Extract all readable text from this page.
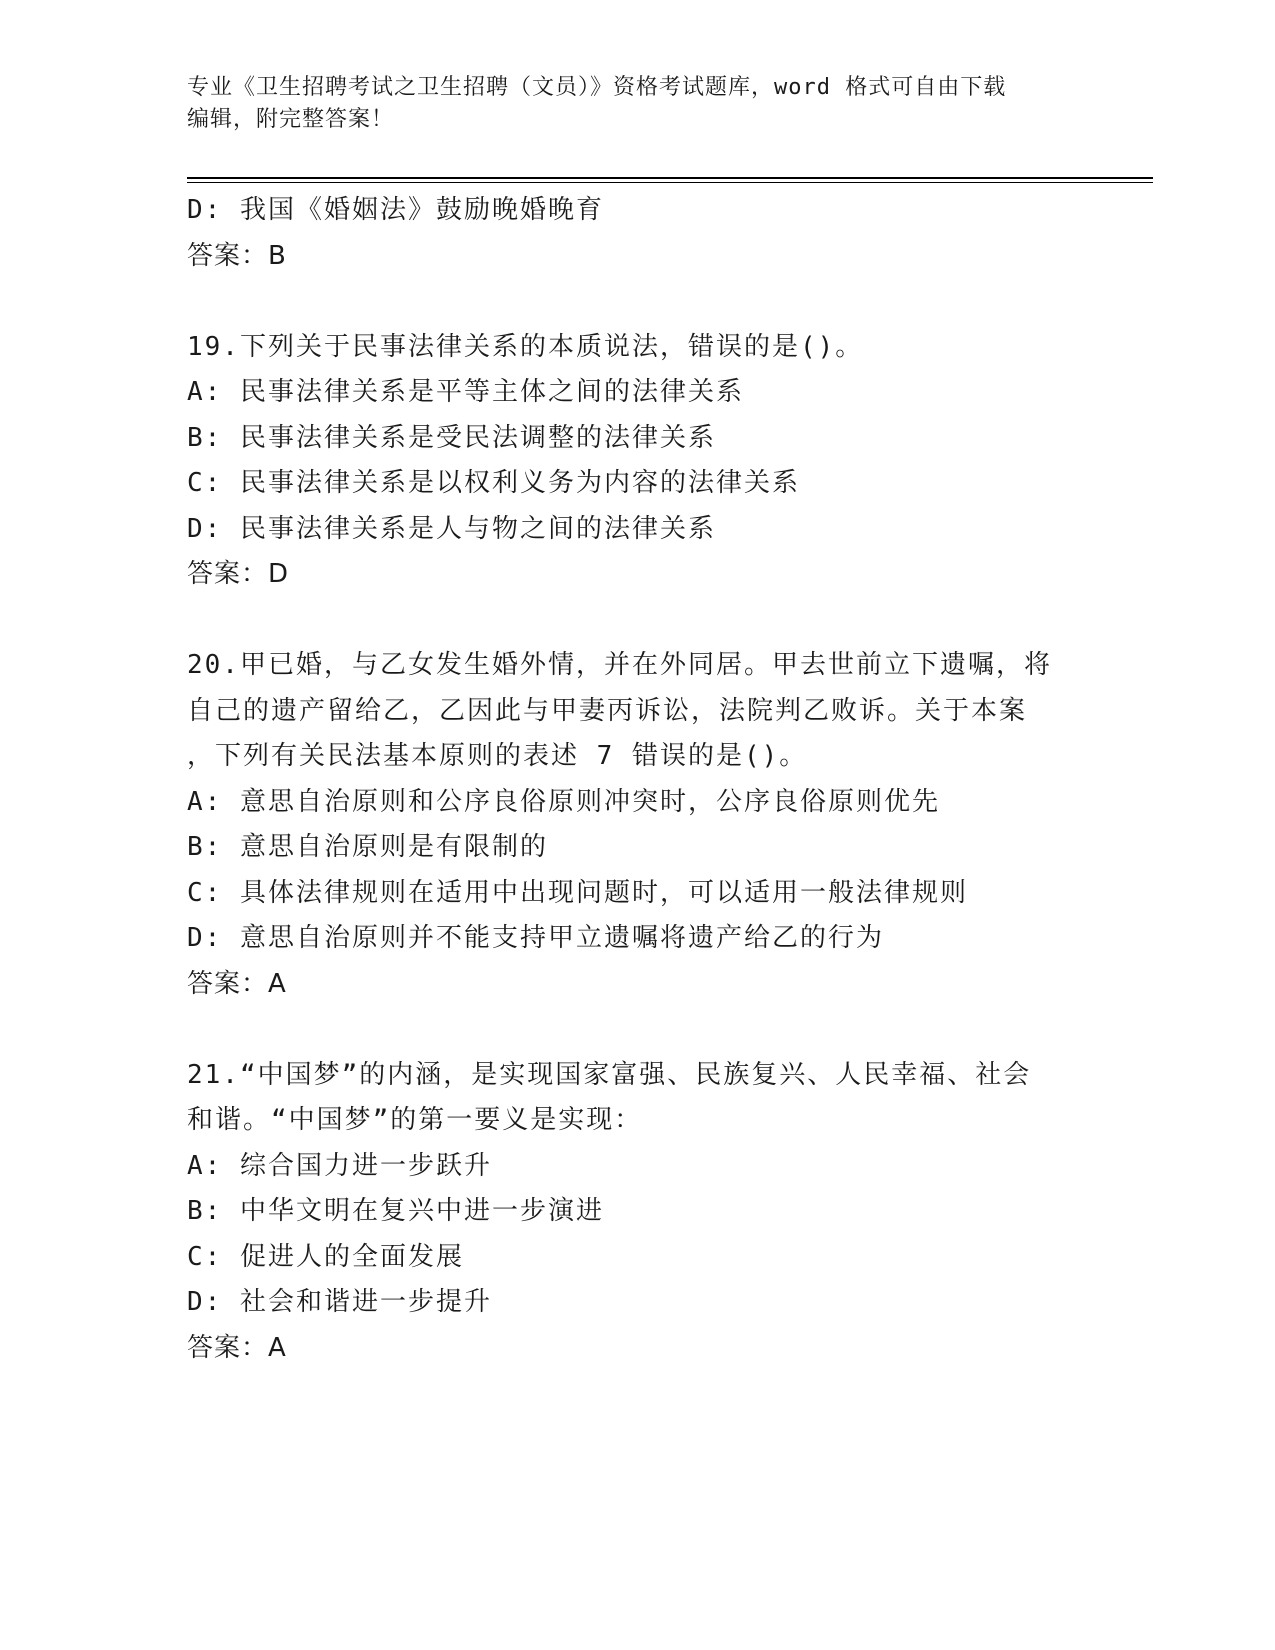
专业《卫生招聘考试之卫生招聘（文员）》资格考试题库，word 格式可自由下载
编辑，附完整答案！
D: 我国《婚姻法》鼓励晚婚晚育
答案：B
19.下列关于民事法律关系的本质说法，错误的是()。
A: 民事法律关系是平等主体之间的法律关系
B: 民事法律关系是受民法调整的法律关系
C: 民事法律关系是以权利义务为内容的法律关系
D: 民事法律关系是人与物之间的法律关系
答案：D
20.甲已婚，与乙女发生婚外情，并在外同居。甲去世前立下遗嘱，将
自己的遗产留给乙，乙因此与甲妻丙诉讼，法院判乙败诉。关于本案
，下列有关民法基本原则的表述 7 错误的是()。
A: 意思自治原则和公序良俗原则冲突时，公序良俗原则优先
B: 意思自治原则是有限制的
C: 具体法律规则在适用中出现问题时，可以适用一般法律规则
D: 意思自治原则并不能支持甲立遗嘱将遗产给乙的行为
答案：A
21.“中国梦”的内涵，是实现国家富强、民族复兴、人民幸福、社会
和谐。“中国梦”的第一要义是实现：
A: 综合国力进一步跃升
B: 中华文明在复兴中进一步演进
C: 促进人的全面发展
D: 社会和谐进一步提升
答案：A
